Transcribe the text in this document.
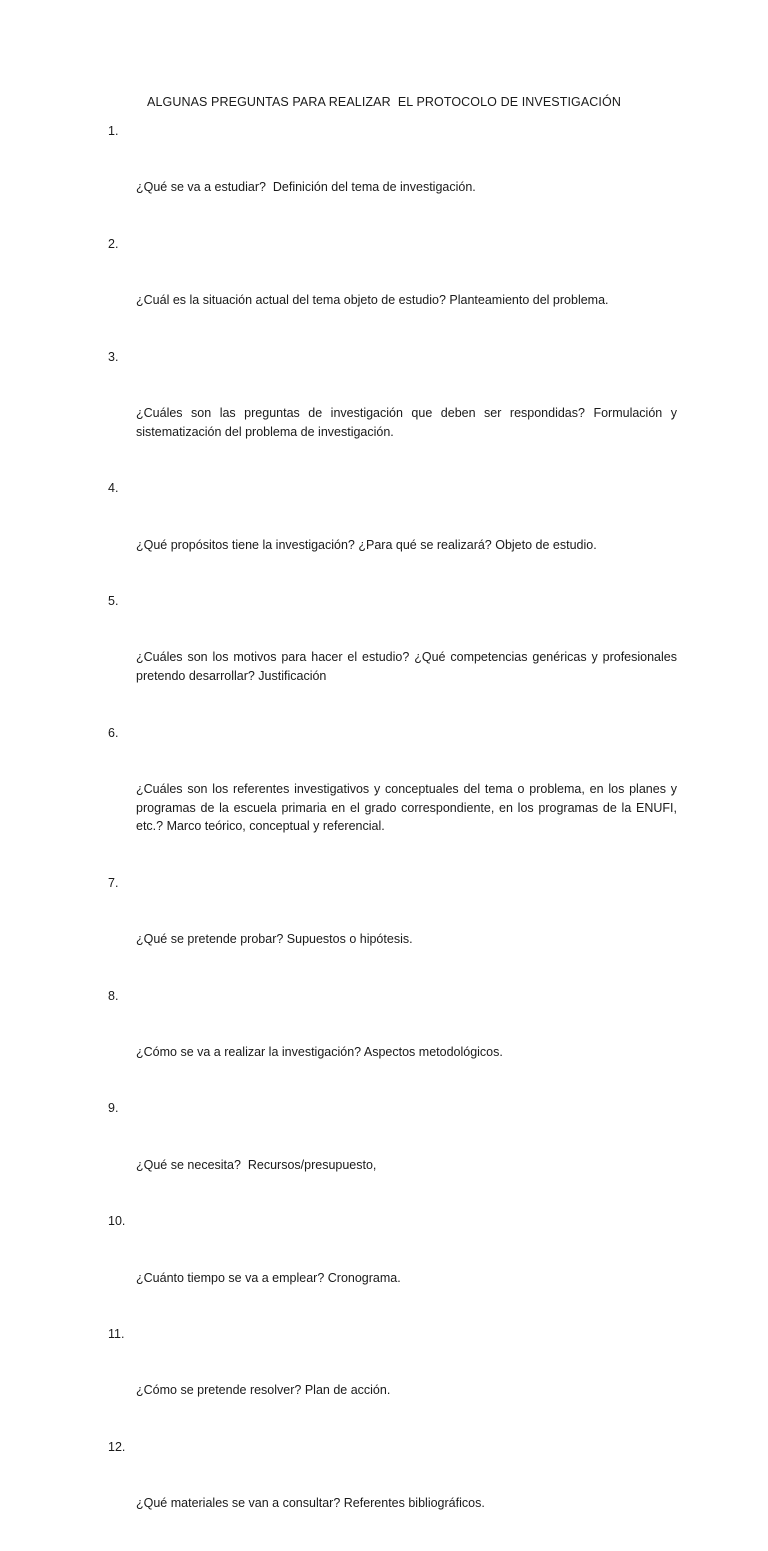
ALGUNAS PREGUNTAS PARA REALIZAR  EL PROTOCOLO DE INVESTIGACIÓN

1.

¿Qué se va a estudiar?  Definición del tema de investigación.

2.

¿Cuál es la situación actual del tema objeto de estudio? Planteamiento del problema.

3.

¿Cuáles son las preguntas de investigación que deben ser respondidas? Formulación y sistematización del problema de investigación.

4.

¿Qué propósitos tiene la investigación? ¿Para qué se realizará? Objeto de estudio.

5.

¿Cuáles son los motivos para hacer el estudio? ¿Qué competencias genéricas y profesionales pretendo desarrollar? Justificación

6.

¿Cuáles son los referentes investigativos y conceptuales del tema o problema, en los planes y programas de la escuela primaria en el grado correspondiente, en los programas de la ENUFI, etc.? Marco teórico, conceptual y referencial.

7.

¿Qué se pretende probar? Supuestos o hipótesis.

8.

¿Cómo se va a realizar la investigación? Aspectos metodológicos.

9.

¿Qué se necesita?  Recursos/presupuesto,

10.

¿Cuánto tiempo se va a emplear? Cronograma.

11.

¿Cómo se pretende resolver? Plan de acción.

12.

¿Qué materiales se van a consultar? Referentes bibliográficos.
